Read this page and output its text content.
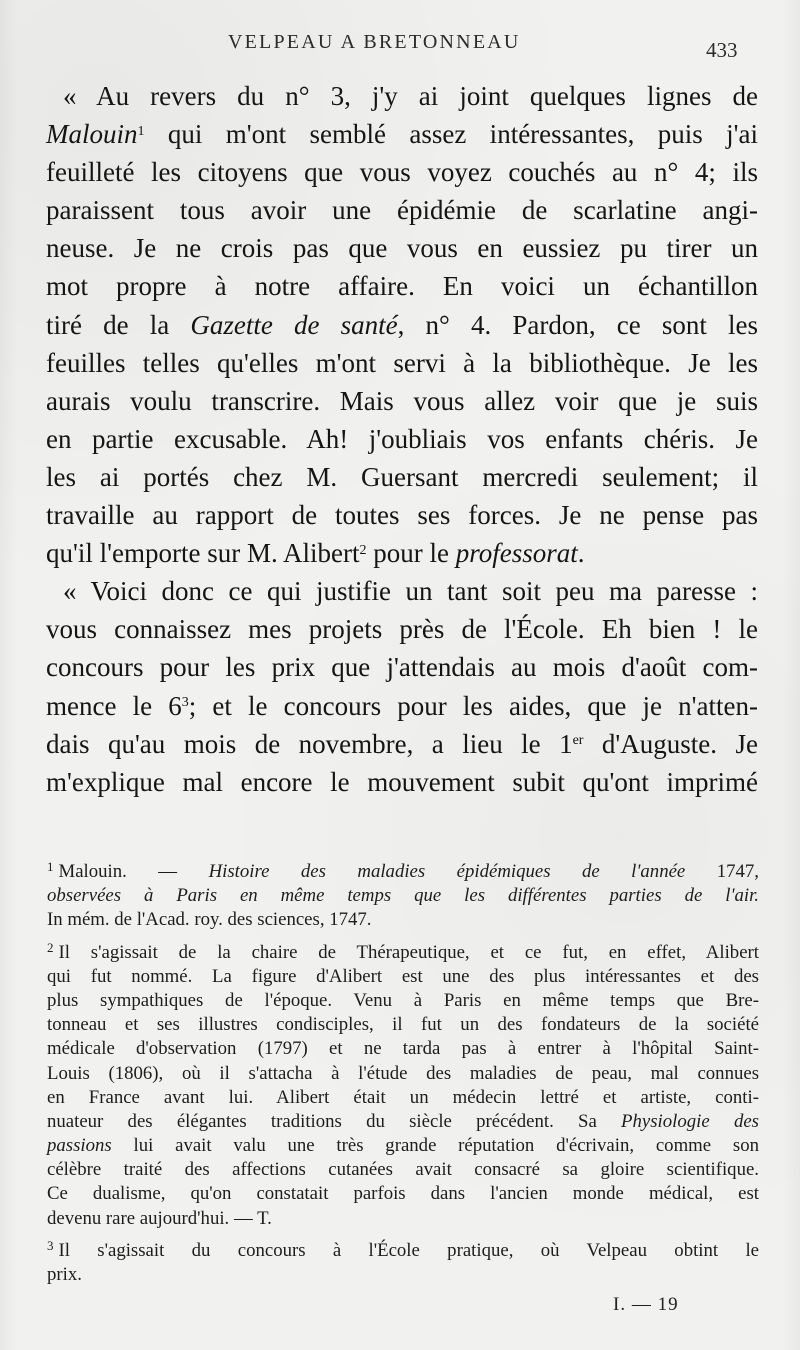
VELPEAU A BRETONNEAU	433
« Au revers du n° 3, j'y ai joint quelques lignes de
Malouin$^1$ qui m'ont semblé assez intéressantes, puis j'ai
feuilleté les citoyens que vous voyez couchés au n° 4; ils
paraissent tous avoir une épidémie de scarlatine angi-
neuse. Je ne crois pas que vous en eussiez pu tirer un
mot propre à notre affaire. En voici un échantillon
tiré de la Gazette de santé, n° 4. Pardon, ce sont les
feuilles telles qu'elles m'ont servi à la bibliothèque. Je les
aurais voulu transcrire. Mais vous allez voir que je suis
en partie excusable. Ah! j'oubliais vos enfants chéris. Je
les ai portés chez M. Guersant mercredi seulement; il
travaille au rapport de toutes ses forces. Je ne pense pas
qu'il l'emporte sur M. Alibert$^2$ pour le professorat.
« Voici donc ce qui justifie un tant soit peu ma paresse :
vous connaissez mes projets près de l'École. Eh bien ! le
concours pour les prix que j'attendais au mois d'août com-
mence le $6^3$; et le concours pour les aides, que je n'atten-
dais qu'au mois de novembre, a lieu le 1er d'Auguste. Je
m'explique mal encore le mouvement subit qu'ont imprimé
$^1$ Malouin. — Histoire des maladies épidémiques de l'année 1747,
observées à Paris en même temps que les différentes parties de l'air.
In mém. de l'Acad. roy. des sciences, 1747.
$^2$ Il s'agissait de la chaire de Thérapeutique, et ce fut, en effet, Alibert
qui fut nommé. La figure d'Alibert est une des plus intéressantes et des
plus sympathiques de l'époque. Venu à Paris en même temps que Bre-
tonneau et ses illustres condisciples, il fut un des fondateurs de la société
médicale d'observation (1797) et ne tarda pas à entrer à l'hôpital Saint-
Louis (1806), où il s'attacha à l'étude des maladies de peau, mal connues
en France avant lui. Alibert était un médecin lettré et artiste, conti-
nuateur des élégantes traditions du siècle précédent. Sa Physiologie des
passions lui avait valu une très grande réputation d'écrivain, comme son
célèbre traité des affections cutanées avait consacré sa gloire scientifique.
Ce dualisme, qu'on constatait parfois dans l'ancien monde médical, est
devenu rare aujourd'hui. — T.
$^3$ Il s'agissait du concours à l'École pratique, où Velpeau obtint le
prix.
I. — 19
